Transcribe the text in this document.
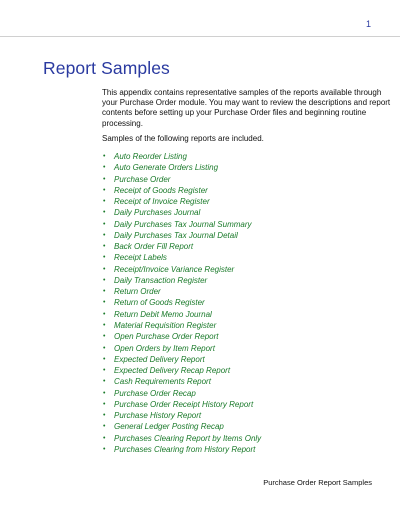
1
Report Samples

This appendix contains representative samples of the reports available through your Purchase Order module. You may want to review the descriptions and report contents before setting up your Purchase Order files and beginning routine processing.

Samples of the following reports are included.

• Auto Reorder Listing
• Auto Generate Orders Listing
• Purchase Order
• Receipt of Goods Register
• Receipt of Invoice Register
• Daily Purchases Journal
• Daily Purchases Tax Journal Summary
• Daily Purchases Tax Journal Detail
• Back Order Fill Report
• Receipt Labels
• Receipt/Invoice Variance Register
• Daily Transaction Register
• Return Order
• Return of Goods Register
• Return Debit Memo Journal
• Material Requisition Register
• Open Purchase Order Report
• Open Orders by Item Report
• Expected Delivery Report
• Expected Delivery Recap Report
• Cash Requirements Report
• Purchase Order Recap
• Purchase Order Receipt History Report
• Purchase History Report
• General Ledger Posting Recap
• Purchases Clearing Report by Items Only
• Purchases Clearing from History Report
Purchase Order Report Samples
